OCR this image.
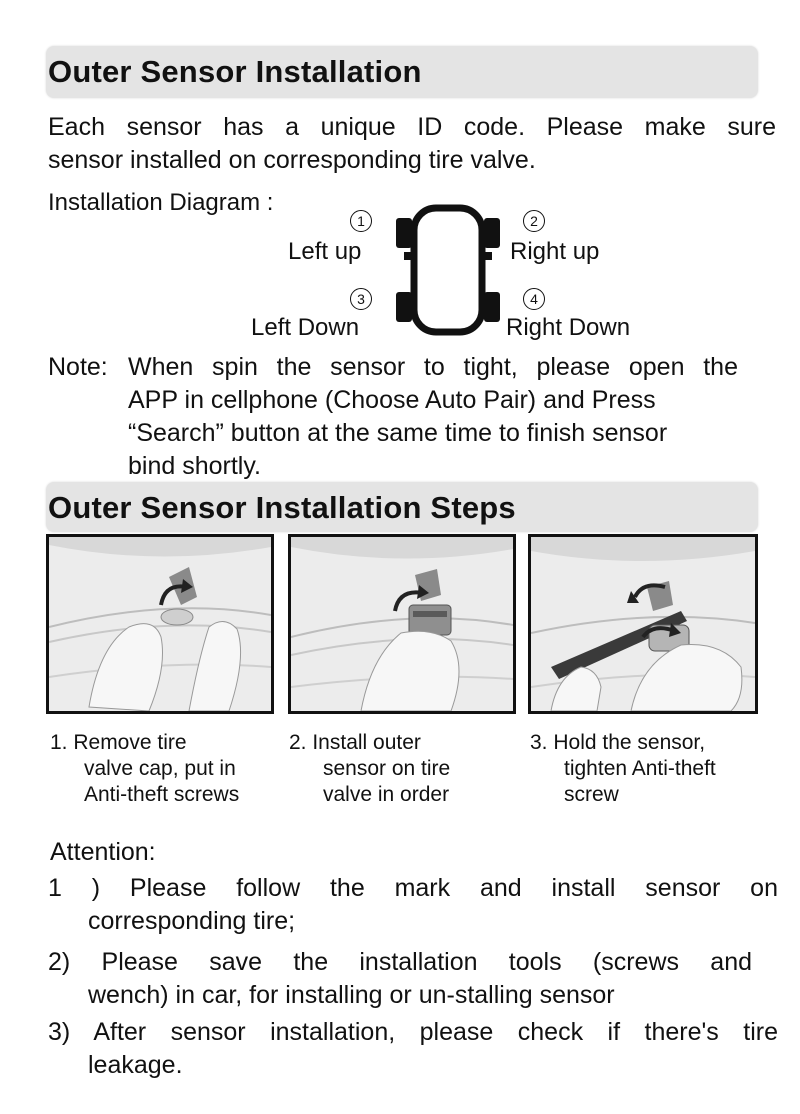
Outer Sensor Installation
Each sensor has a unique ID code. Please make sure
sensor installed on corresponding tire valve.
Installation Diagram :
1	2
3	4
Left up	Right up
Left Down	Right Down
Note: When spin the sensor to tight, please open the
APP in cellphone (Choose Auto Pair) and Press
“Search” button at the same time to finish sensor
bind shortly.
Outer Sensor Installation Steps
1. Remove tire
valve cap, put in
Anti-theft screws
2. Install outer
sensor on tire
valve in order
3. Hold the sensor,
tighten Anti-theft
screw
Attention:
1 ) Please follow the mark and install sensor on
corresponding tire;
2) Please save the installation tools (screws and
wench) in car, for installing or un-stalling sensor
3) After sensor installation, please check if there's tire
leakage.
